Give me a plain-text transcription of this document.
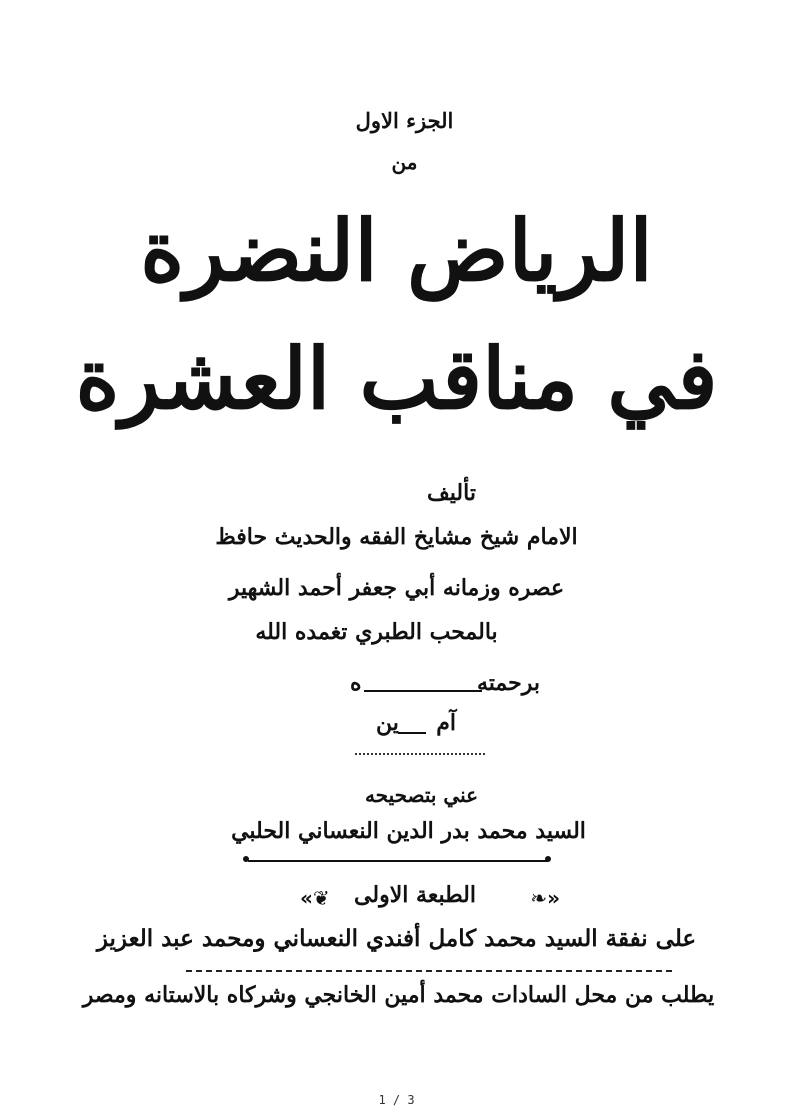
الجزء الاول
من
الرياض النضرة
في مناقب العشرة
تأليف
الامام شيخ مشايخ الفقه والحديث حافظ
عصره وزمانه أبي جعفر أحمد الشهير
بالمحب الطبري تغمده الله
برحمته
ه
آم
ين
عني بتصحيحه
السيد محمد بدر الدين النعساني الحلبي
«❦	الطبعة الاولى	❧»
على نفقة السيد محمد كامل أفندي النعساني ومحمد عبد العزيز
يطلب من محل السادات محمد أمين الخانجي وشركاه بالاستانه ومصر
1 / 3
